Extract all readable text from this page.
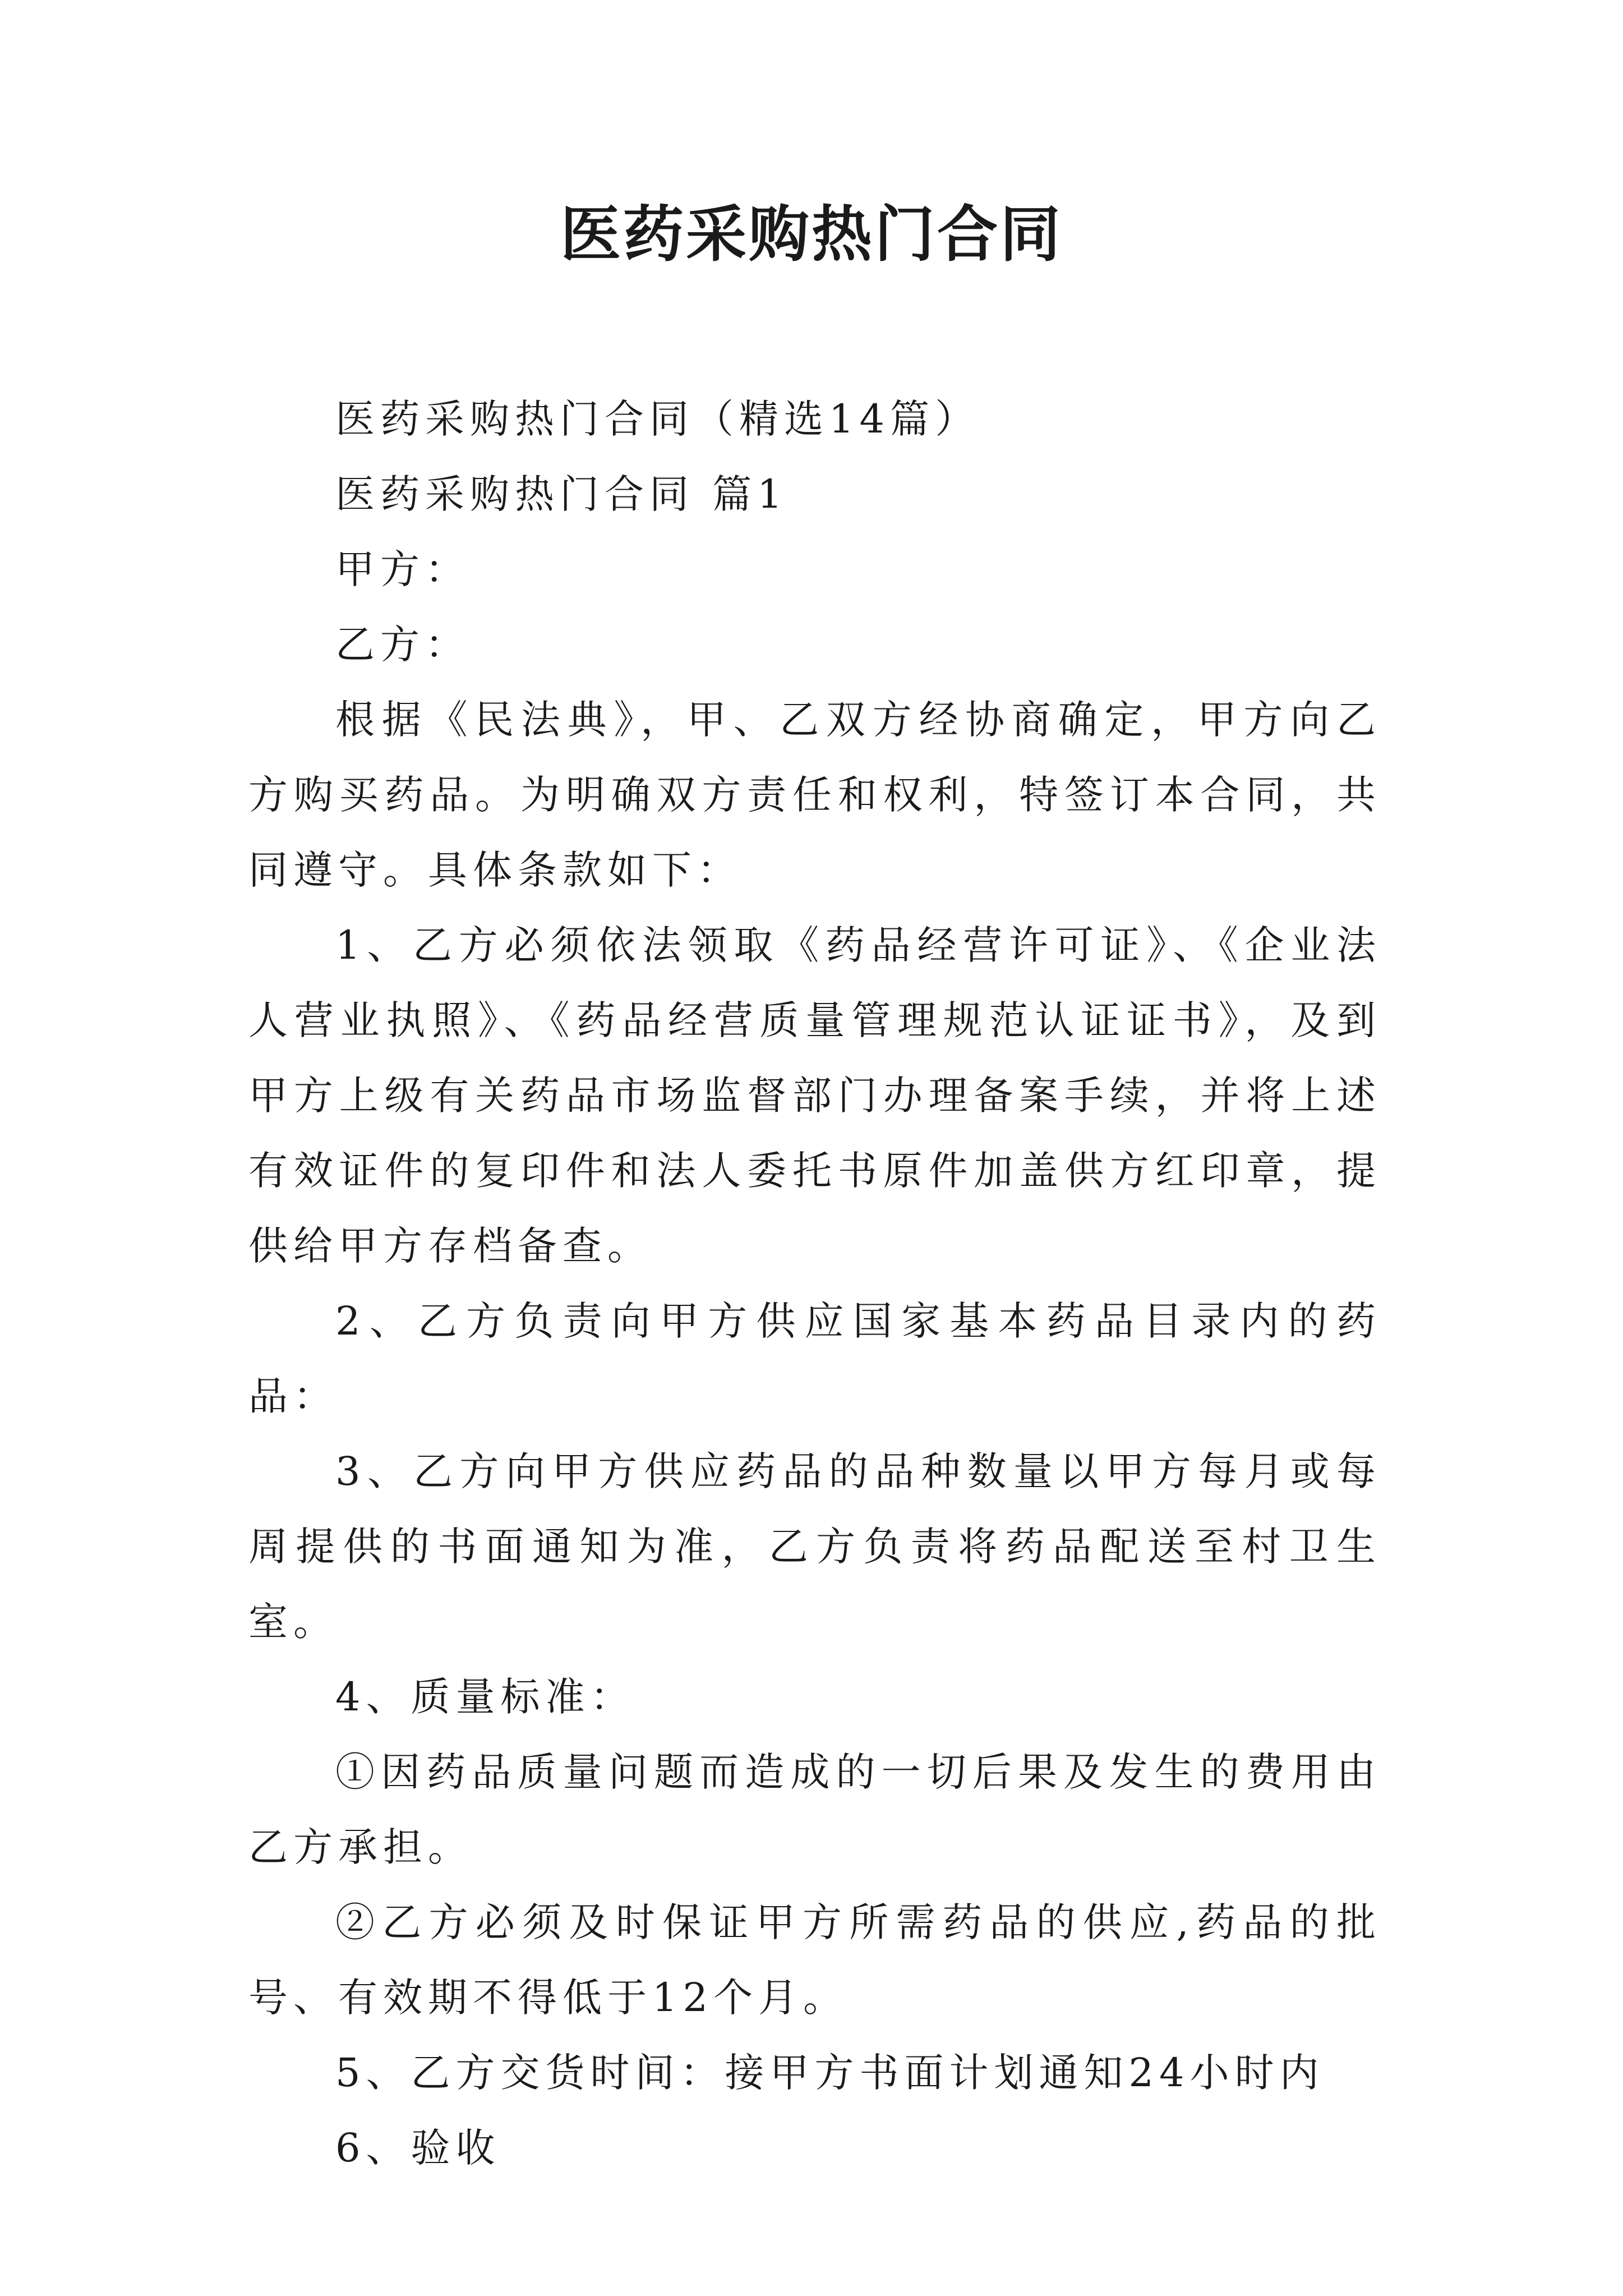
医药采购热门合同

医药采购热门合同（精选14篇）

医药采购热门合同 篇1

甲方：

乙方：

根据《民法典》，甲、乙双方经协商确定，甲方向乙方购买药品。为明确双方责任和权利，特签订本合同，共同遵守。具体条款如下：

1、乙方必须依法领取《药品经营许可证》、《企业法人营业执照》、《药品经营质量管理规范认证证书》，及到甲方上级有关药品市场监督部门办理备案手续，并将上述有效证件的复印件和法人委托书原件加盖供方红印章，提供给甲方存档备查。

2、乙方负责向甲方供应国家基本药品目录内的药品：

3、乙方向甲方供应药品的品种数量以甲方每月或每周提供的书面通知为准，乙方负责将药品配送至村卫生室。

4、质量标准：

①因药品质量问题而造成的一切后果及发生的费用由乙方承担。

②乙方必须及时保证甲方所需药品的供应,药品的批号、有效期不得低于12个月。

5、乙方交货时间：接甲方书面计划通知24小时内

6、验收
